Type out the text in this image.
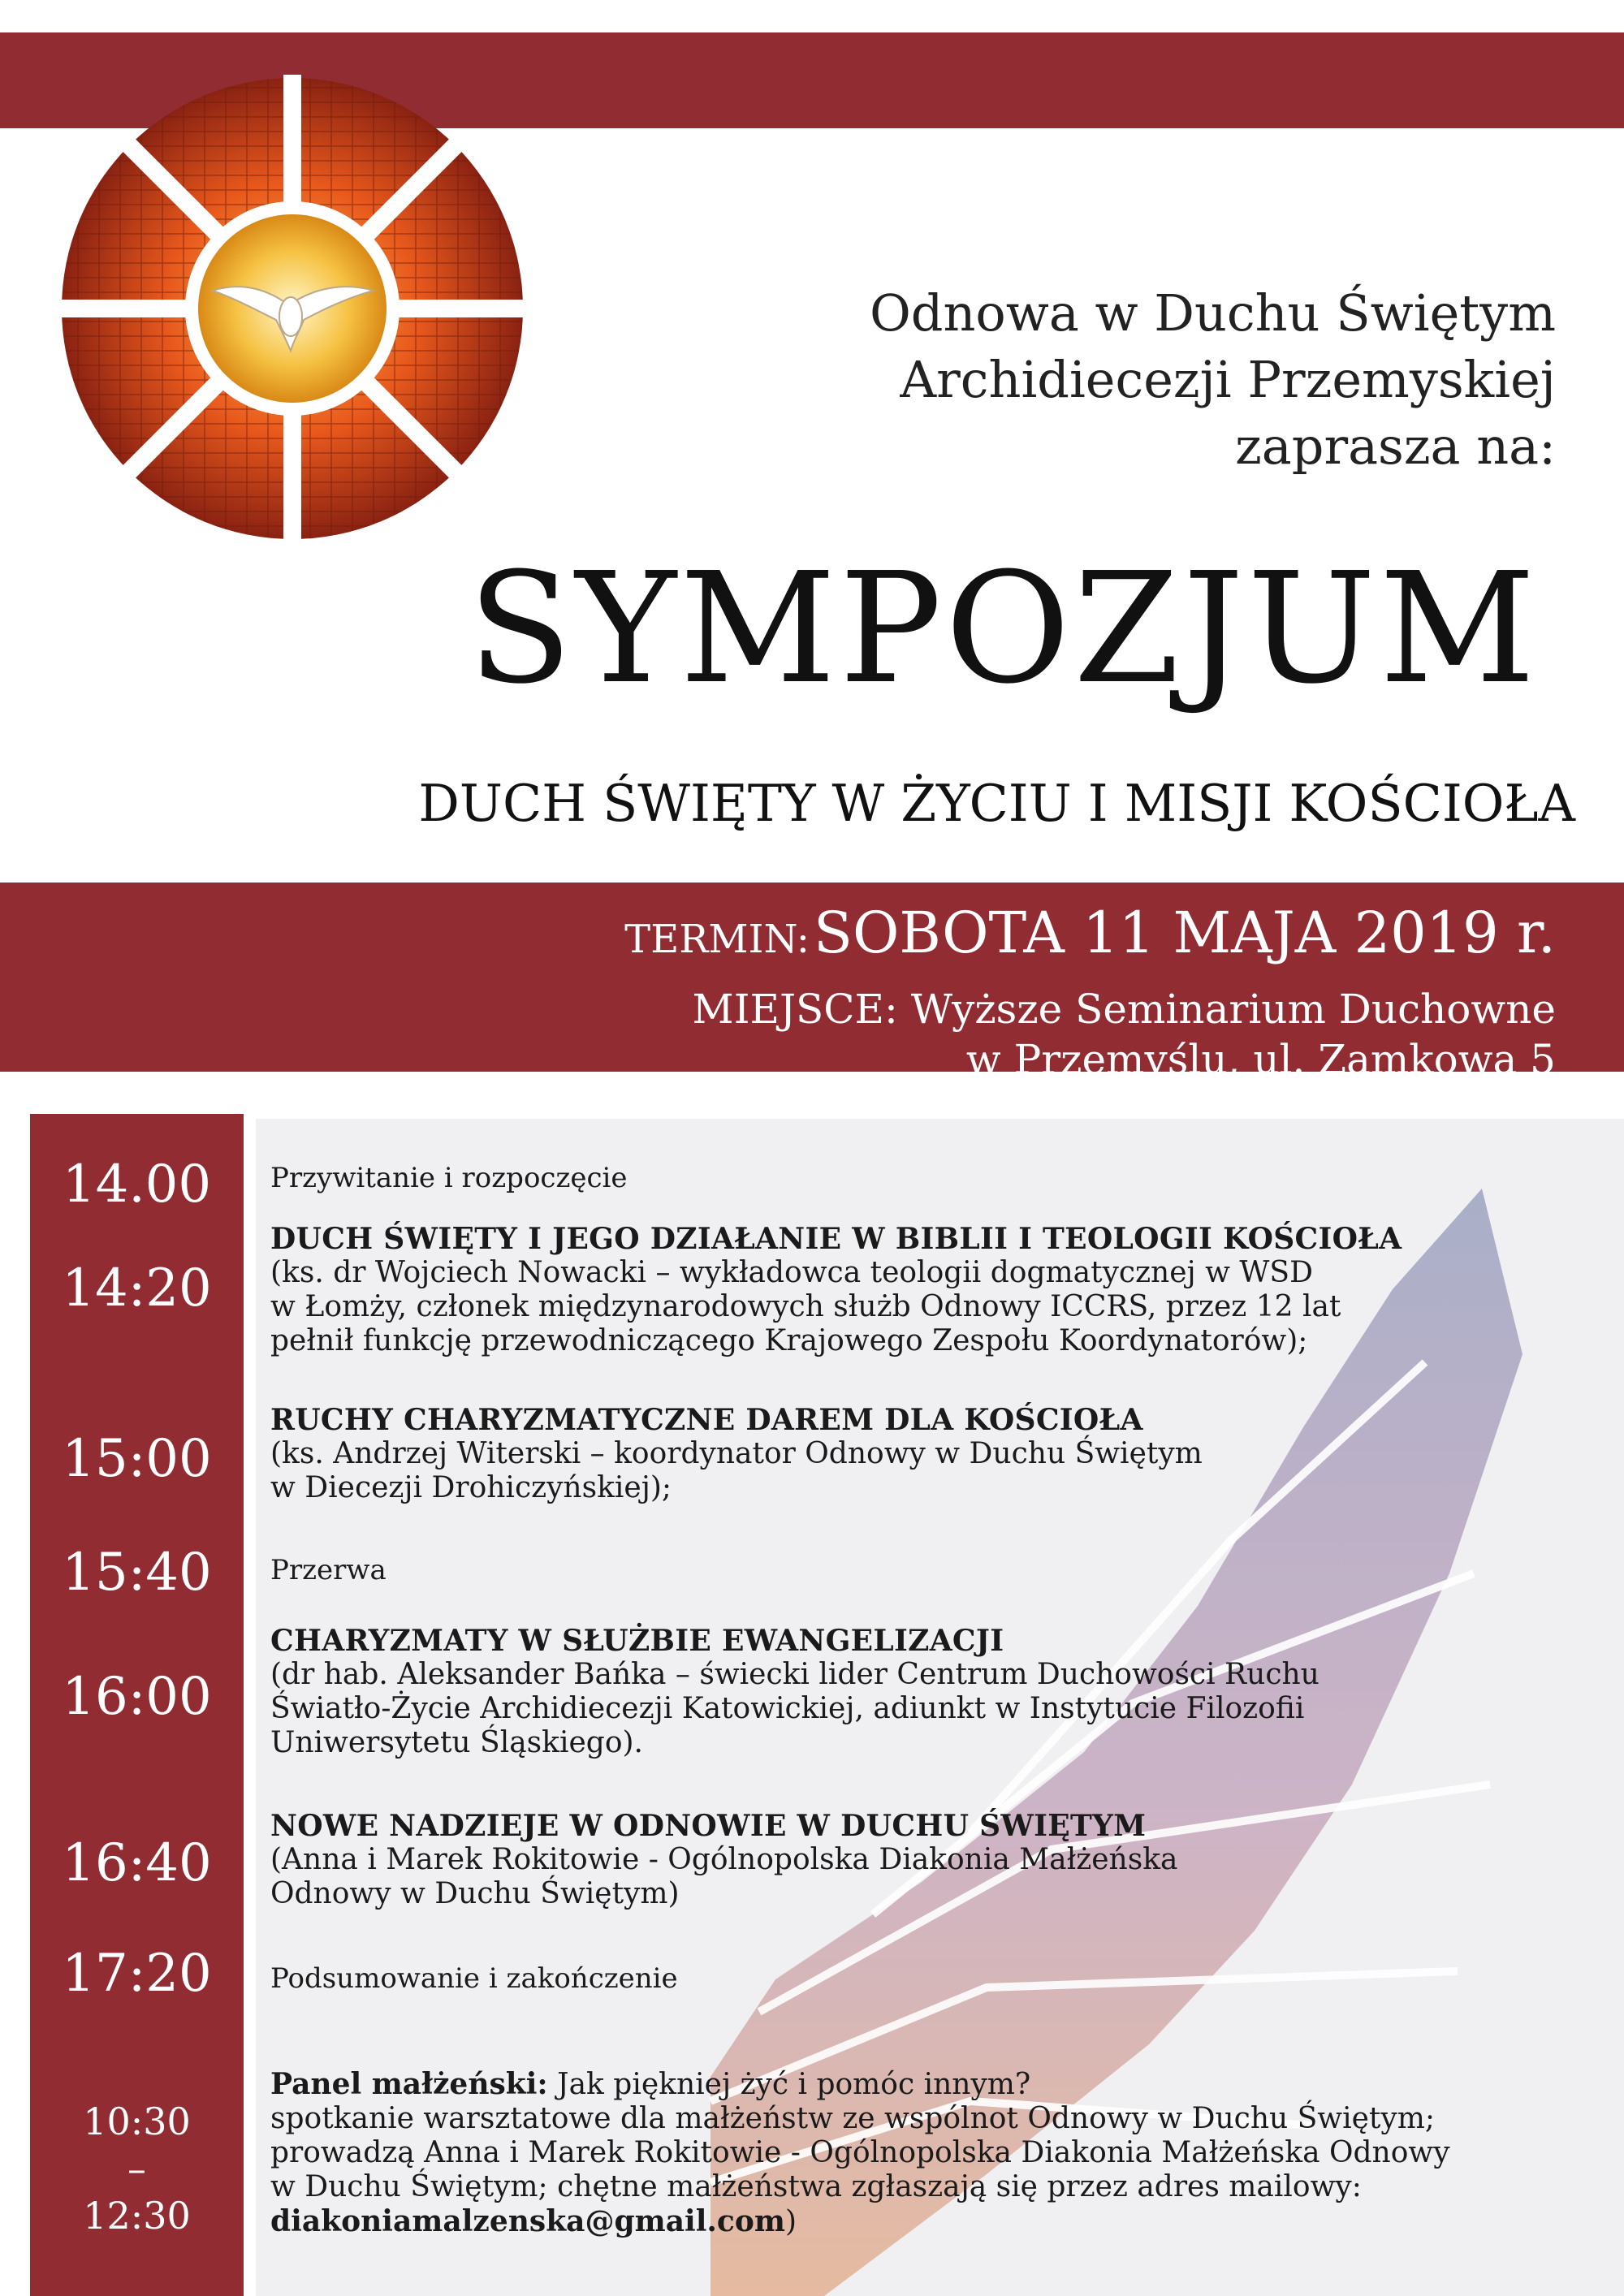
Odnowa w Duchu Świętym
Archidiecezji Przemyskiej
zaprasza na:
SYMPOZJUM
DUCH ŚWIĘTY W ŻYCIU I MISJI KOŚCIOŁA
TERMIN: SOBOTA 11 MAJA 2019 r.
MIEJSCE: Wyższe Seminarium Duchowne
w Przemyślu, ul. Zamkowa 5
14.00
14:20
15:00
15:40
16:00
16:40
17:20
10:30
–
12:30
Przywitanie i rozpoczęcie
DUCH ŚWIĘTY I JEGO DZIAŁANIE W BIBLII I TEOLOGII KOŚCIOŁA
(ks. dr Wojciech Nowacki – wykładowca teologii dogmatycznej w WSD
w Łomży, członek międzynarodowych służb Odnowy ICCRS, przez 12 lat
pełnił funkcję przewodniczącego Krajowego Zespołu Koordynatorów);
RUCHY CHARYZMATYCZNE DAREM DLA KOŚCIOŁA
(ks. Andrzej Witerski – koordynator Odnowy w Duchu Świętym
w Diecezji Drohiczyńskiej);
Przerwa
CHARYZMATY W SŁUŻBIE EWANGELIZACJI
(dr hab. Aleksander Bańka – świecki lider Centrum Duchowości Ruchu
Światło-Życie Archidiecezji Katowickiej, adiunkt w Instytucie Filozofii
Uniwersytetu Śląskiego).
NOWE NADZIEJE W ODNOWIE W DUCHU ŚWIĘTYM
(Anna i Marek Rokitowie - Ogólnopolska Diakonia Małżeńska
Odnowy w Duchu Świętym)
Podsumowanie i zakończenie
Panel małżeński: Jak piękniej żyć i pomóc innym?
spotkanie warsztatowe dla małżeństw ze wspólnot Odnowy w Duchu Świętym;
prowadzą Anna i Marek Rokitowie - Ogólnopolska Diakonia Małżeńska Odnowy
w Duchu Świętym; chętne małżeństwa zgłaszają się przez adres mailowy:
diakoniamalzenska@gmail.com)
